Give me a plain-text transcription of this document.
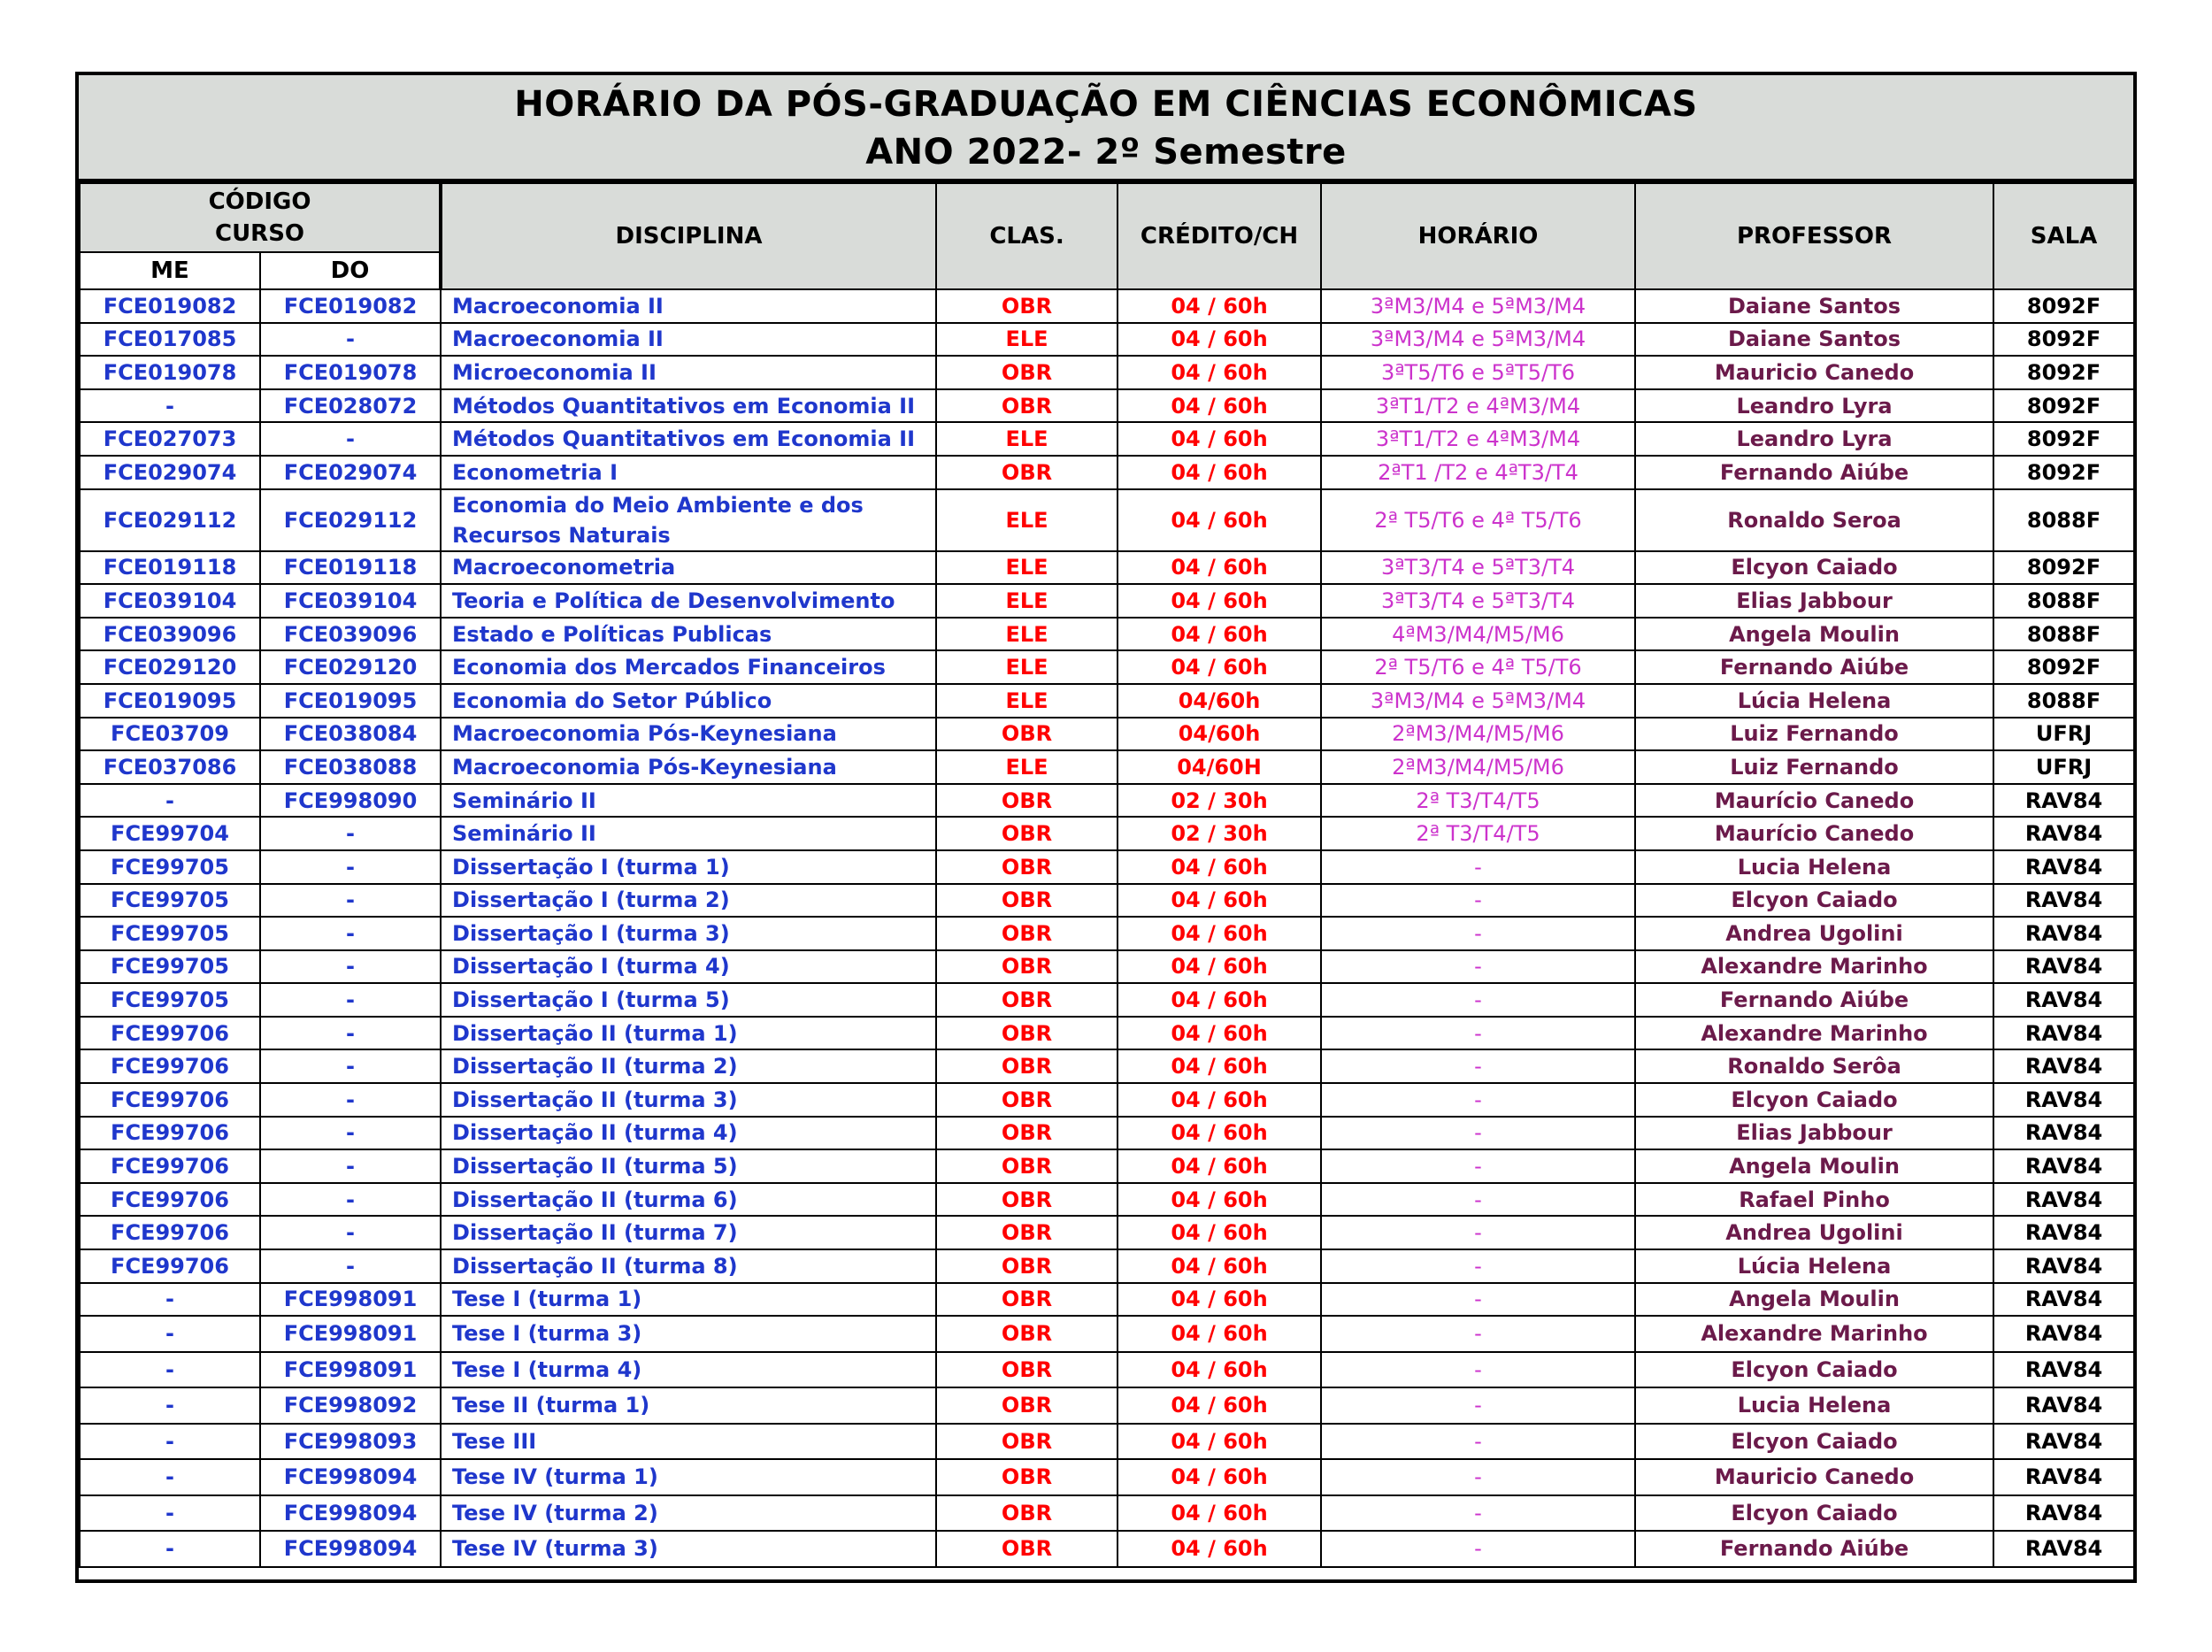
HORÁRIO DA PÓS-GRADUAÇÃO EM CIÊNCIAS ECONÔMICAS
ANO 2022- 2º Semestre
CÓDIGO
CURSO		DISCIPLINA	CLAS.	CRÉDITO/CH	HORÁRIO	PROFESSOR	SALA
ME	DO						
FCE019082	FCE019082	Macroeconomia II	OBR	04 / 60h	3ªM3/M4 e 5ªM3/M4	Daiane Santos	8092F
FCE017085	-	Macroeconomia II	ELE	04 / 60h	3ªM3/M4 e 5ªM3/M4	Daiane Santos	8092F
FCE019078	FCE019078	Microeconomia II	OBR	04 / 60h	3ªT5/T6 e 5ªT5/T6	Mauricio Canedo	8092F
-	FCE028072	Métodos Quantitativos em Economia II	OBR	04 / 60h	3ªT1/T2 e 4ªM3/M4	Leandro Lyra	8092F
FCE027073	-	Métodos Quantitativos em Economia II	ELE	04 / 60h	3ªT1/T2 e 4ªM3/M4	Leandro Lyra	8092F
FCE029074	FCE029074	Econometria I	OBR	04 / 60h	2ªT1 /T2 e 4ªT3/T4	Fernando Aiúbe	8092F
FCE029112	FCE029112	Economia do Meio Ambiente e dos Recursos Naturais	ELE	04 / 60h	2ª T5/T6 e 4ª T5/T6	Ronaldo Seroa	8088F
FCE019118	FCE019118	Macroeconometria	ELE	04 / 60h	3ªT3/T4 e 5ªT3/T4	Elcyon Caiado	8092F
FCE039104	FCE039104	Teoria e Política de Desenvolvimento	ELE	04 / 60h	3ªT3/T4 e 5ªT3/T4	Elias Jabbour	8088F
FCE039096	FCE039096	Estado e Políticas Publicas	ELE	04 / 60h	4ªM3/M4/M5/M6	Angela Moulin	8088F
FCE029120	FCE029120	Economia dos Mercados Financeiros	ELE	04 / 60h	2ª T5/T6 e 4ª T5/T6	Fernando Aiúbe	8092F
FCE019095	FCE019095	Economia do Setor Público	ELE	04/60h	3ªM3/M4 e 5ªM3/M4	Lúcia Helena	8088F
FCE03709	FCE038084	Macroeconomia Pós-Keynesiana	OBR	04/60h	2ªM3/M4/M5/M6	Luiz Fernando	UFRJ
FCE037086	FCE038088	Macroeconomia Pós-Keynesiana	ELE	04/60H	2ªM3/M4/M5/M6	Luiz Fernando	UFRJ
-	FCE998090	Seminário II	OBR	02 / 30h	2ª T3/T4/T5	Maurício Canedo	RAV84
FCE99704	-	Seminário II	OBR	02 / 30h	2ª T3/T4/T5	Maurício Canedo	RAV84
FCE99705	-	Dissertação I (turma 1)	OBR	04 / 60h	-	Lucia Helena	RAV84
FCE99705	-	Dissertação I (turma 2)	OBR	04 / 60h	-	Elcyon Caiado	RAV84
FCE99705	-	Dissertação I (turma 3)	OBR	04 / 60h	-	Andrea Ugolini	RAV84
FCE99705	-	Dissertação I (turma 4)	OBR	04 / 60h	-	Alexandre Marinho	RAV84
FCE99705	-	Dissertação I (turma 5)	OBR	04 / 60h	-	Fernando Aiúbe	RAV84
FCE99706	-	Dissertação II (turma 1)	OBR	04 / 60h	-	Alexandre Marinho	RAV84
FCE99706	-	Dissertação II (turma 2)	OBR	04 / 60h	-	Ronaldo Serôa	RAV84
FCE99706	-	Dissertação II (turma 3)	OBR	04 / 60h	-	Elcyon Caiado	RAV84
FCE99706	-	Dissertação II (turma 4)	OBR	04 / 60h	-	Elias Jabbour	RAV84
FCE99706	-	Dissertação II (turma 5)	OBR	04 / 60h	-	Angela Moulin	RAV84
FCE99706	-	Dissertação II (turma 6)	OBR	04 / 60h	-	Rafael Pinho	RAV84
FCE99706	-	Dissertação II (turma 7)	OBR	04 / 60h	-	Andrea Ugolini	RAV84
FCE99706	-	Dissertação II (turma 8)	OBR	04 / 60h	-	Lúcia Helena	RAV84
-	FCE998091	Tese I (turma 1)	OBR	04 / 60h	-	Angela Moulin	RAV84
-	FCE998091	Tese I (turma 3)	OBR	04 / 60h	-	Alexandre Marinho	RAV84
-	FCE998091	Tese I (turma 4)	OBR	04 / 60h	-	Elcyon Caiado	RAV84
-	FCE998092	Tese II (turma 1)	OBR	04 / 60h	-	Lucia Helena	RAV84
-	FCE998093	Tese III	OBR	04 / 60h	-	Elcyon Caiado	RAV84
-	FCE998094	Tese IV (turma 1)	OBR	04 / 60h	-	Mauricio Canedo	RAV84
-	FCE998094	Tese IV (turma 2)	OBR	04 / 60h	-	Elcyon Caiado	RAV84
-	FCE998094	Tese IV (turma 3)	OBR	04 / 60h	-	Fernando Aiúbe	RAV84
